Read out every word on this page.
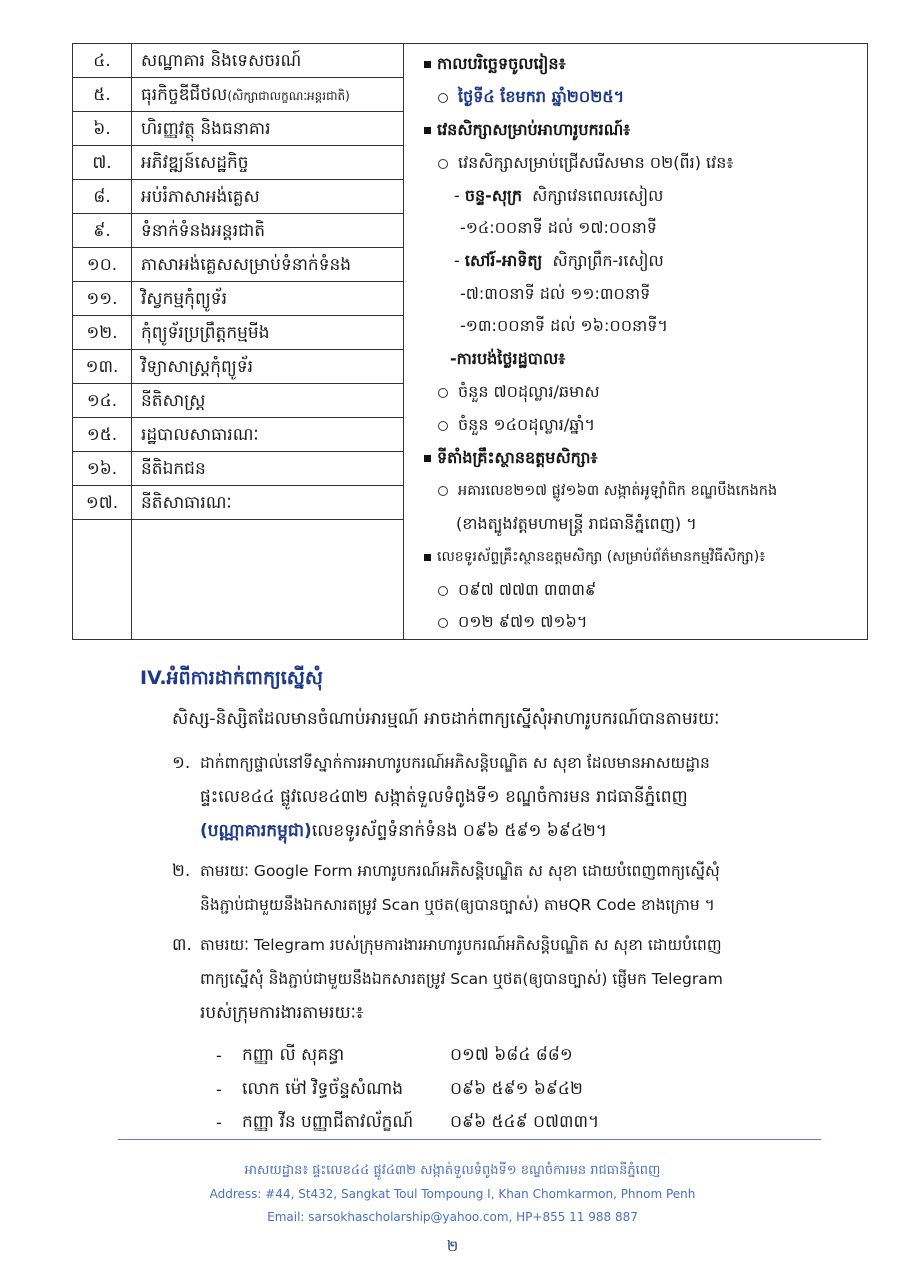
៤.	សណ្ឋាគារ និងទេសចរណ៍
៥.	ធុរកិច្ចឌីជីថល(សិក្សាជាលក្ខណៈអន្តរជាតិ)
៦.	ហិរញ្ញវត្ថុ និងធនាគារ
៧.	អភិវឌ្ឍន៍សេដ្ឋកិច្ច
៨.	អប់រំភាសាអង់គ្លេស
៩.	ទំនាក់ទំនងអន្តរជាតិ
១០.	ភាសាអង់គ្លេសសម្រាប់ទំនាក់ទំនង
១១.	វិស្វកម្មកុំព្យូទ័រ
១២.	កុំព្យូទ័រប្រព្រឹត្តកម្មមីង
១៣.	វិទ្យាសាស្ត្រកុំព្យូទ័រ
១៤.	នីតិសាស្ត្រ
១៥.	រដ្ឋបាលសាធារណៈ
១៦.	នីតិឯកជន
១៧.	នីតិសាធារណៈ
កាលបរិច្ឆេទចូលរៀន៖
ថ្ងៃទី៤ ខែមករា ឆ្នាំ២០២៥។
វេនសិក្សាសម្រាប់អាហារូបករណ៍៖
វេនសិក្សាសម្រាប់ជ្រើសរើសមាន ០២(ពីរ) វេន៖
- ចន្ទ-សុក្រ សិក្សាវេនពេលរសៀល
-១៤:០០នាទី ដល់ ១៧:០០នាទី
- សៅរ៍-អាទិត្យ សិក្សាព្រឹក-រសៀល
-៧:៣០នាទី ដល់ ១១:៣០នាទី
-១៣:០០នាទី ដល់ ១៦:០០នាទី។
-ការបង់ថ្លៃរដ្ឋបាល៖
ចំនួន ៧០ដុល្លារ/ឆមាស
ចំនួន ១៤០ដុល្លារ/ឆ្នាំ។
ទីតាំងគ្រឹះស្ថានឧត្តមសិក្សា៖
អគារលេខ២១៧ ផ្លូវ១៦៣ សង្កាត់អូឡាំពិក ខណ្ឌបឹងកេងកង
(ខាងត្បូងវត្តមហាមន្ត្រី រាជធានីភ្នំពេញ) ។
លេខទូរស័ព្ទគ្រឹះស្ថានឧត្តមសិក្សា (សម្រាប់ព័ត៌មានកម្មវិធីសិក្សា)៖
០៩៧ ៧៧៣ ៣៣៣៩
០១២ ៩៧១ ៧១៦។
IV.អំពីការដាក់ពាក្យស្នើសុំ
សិស្ស-និស្សិតដែលមានចំណាប់អារម្មណ៍ អាចដាក់ពាក្យស្នើសុំអាហារូបករណ៍បានតាមរយៈ
១. ដាក់ពាក្យផ្ទាល់នៅទីស្នាក់ការអាហារូបករណ៍អភិសន្តិបណ្ឌិត ស សុខា ដែលមានអាសយដ្ឋាន
ផ្ទះលេខ៤៤ ផ្លូវលេខ៤៣២ សង្កាត់ទួលទំពូងទី១ ខណ្ឌចំការមន រាជធានីភ្នំពេញ
(បណ្ណាគារកម្ពុជា)លេខទូរស័ព្ទទំនាក់ទំនង ០៩៦ ៥៩១ ៦៩៤២។
២. តាមរយៈ Google Form អាហារូបករណ៍អភិសន្តិបណ្ឌិត ស សុខា ដោយបំពេញពាក្យស្នើសុំ
និងភ្ជាប់ជាមួយនឹងឯកសារតម្រូវ Scan ឬថត(ឲ្យបានច្បាស់) តាមQR Code ខាងក្រោម ។
៣. តាមរយៈ Telegram របស់ក្រុមការងារអាហារូបករណ៍អភិសន្តិបណ្ឌិត ស សុខា ដោយបំពេញ
ពាក្យស្នើសុំ និងភ្ជាប់ជាមួយនឹងឯកសារតម្រូវ Scan ឬថត(ឲ្យបានច្បាស់) ផ្ញើមក Telegram
របស់ក្រុមការងារតាមរយៈ៖
- កញ្ញា លី សុគន្ធា	០១៧ ៦៨៤ ៨៨១
- លោក ម៉ៅ វិទ្ធច័ន្ទសំណាង	០៩៦ ៥៩១ ៦៩៤២
- កញ្ញា វីន បញ្ញាជីតាវល័ក្ខណ៍ ០៩៦ ៥៤៩ ០៧៣៣។
អាសយដ្ឋាន៖ ផ្ទះលេខ៤៤ ផ្លូវ៤៣២ សង្កាត់ទួលទំពូងទី១ ខណ្ឌចំការមន រាជធានីភ្នំពេញ
Address: #44, St432, Sangkat Toul Tompoung I, Khan Chomkarmon, Phnom Penh
Email: sarsokhascholarship@yahoo.com, HP+855 11 988 887
២
